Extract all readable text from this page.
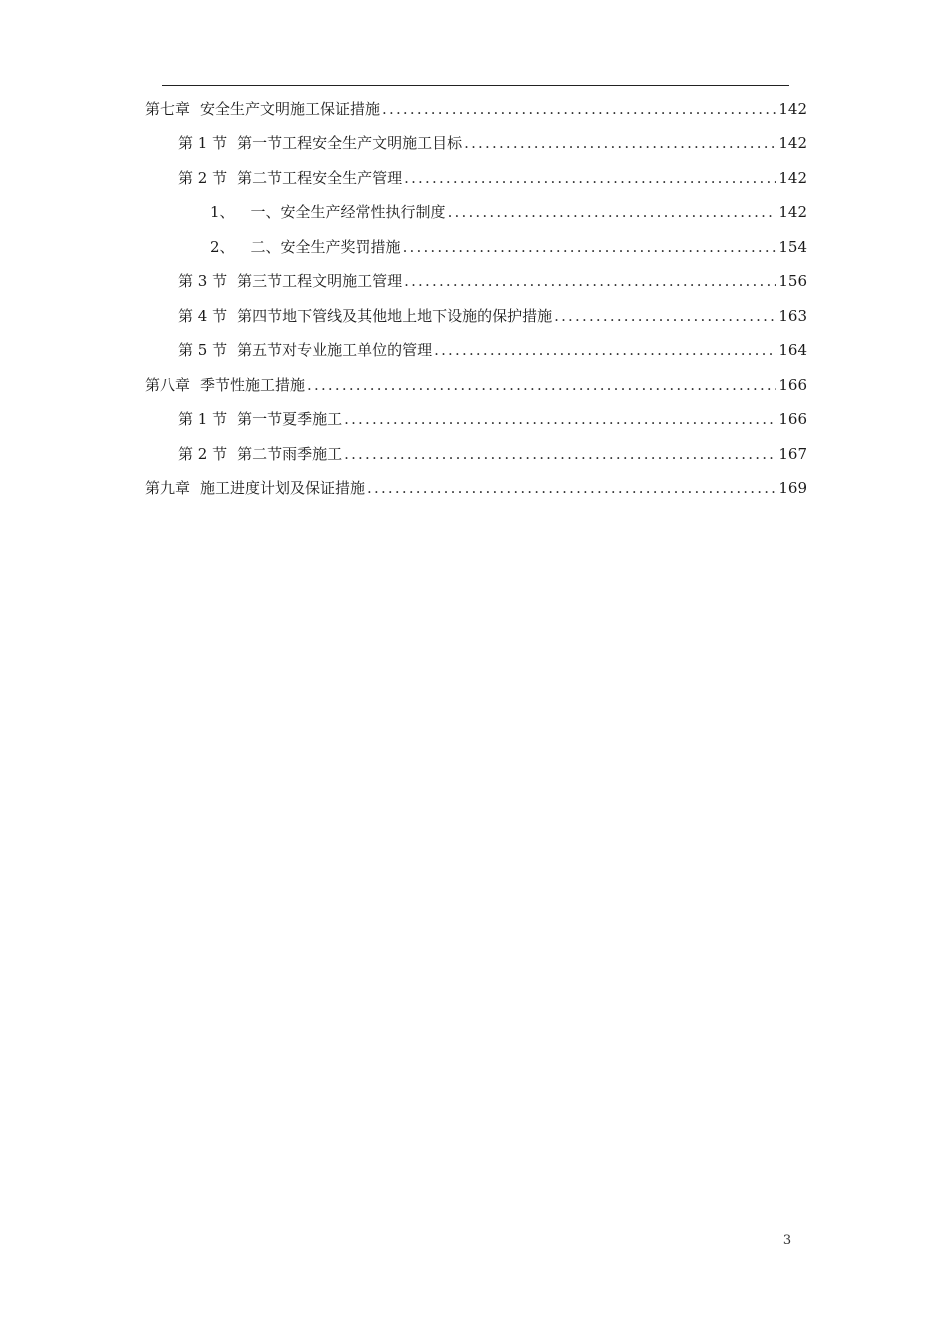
第七章 安全生产文明施工保证措施 .....	142
第 1 节 第一节工程安全生产文明施工目标 .....	142
第 2 节 第二节工程安全生产管理 .....	142
1、 一、安全生产经常性执行制度 .....	142
2、 二、安全生产奖罚措施 .....	154
第 3 节 第三节工程文明施工管理 .....	156
第 4 节 第四节地下管线及其他地上地下设施的保护措施 .....	163
第 5 节 第五节对专业施工单位的管理 .....	164
第八章 季节性施工措施 .....	166
第 1 节 第一节夏季施工 .....	166
第 2 节 第二节雨季施工 .....	167
第九章 施工进度计划及保证措施 .....	169
3
